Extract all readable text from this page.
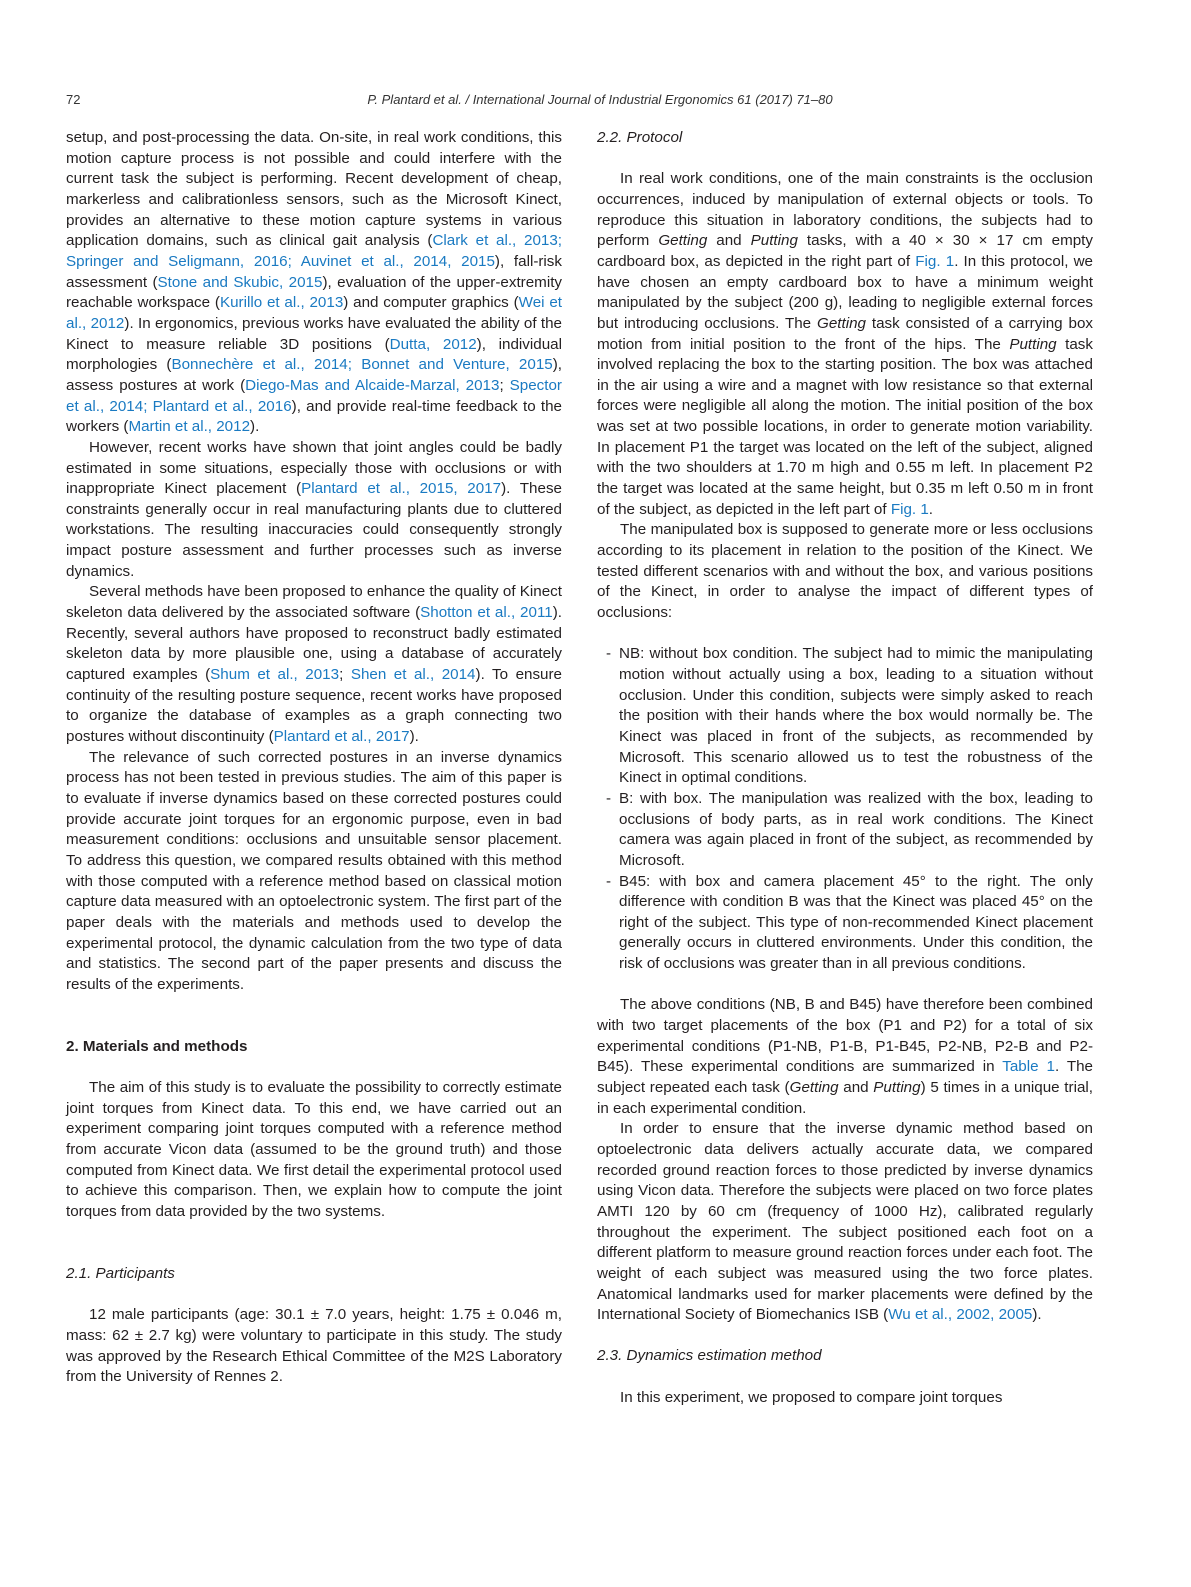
72	P. Plantard et al. / International Journal of Industrial Ergonomics 61 (2017) 71–80

setup, and post-processing the data. On-site, in real work conditions, this motion capture process is not possible and could interfere with the current task the subject is performing. Recent development of cheap, markerless and calibrationless sensors, such as the Microsoft Kinect, provides an alternative to these motion capture systems in various application domains, such as clinical gait analysis (Clark et al., 2013; Springer and Seligmann, 2016; Auvinet et al., 2014, 2015), fall-risk assessment (Stone and Skubic, 2015), evaluation of the upper-extremity reachable workspace (Kurillo et al., 2013) and computer graphics (Wei et al., 2012). In ergonomics, previous works have evaluated the ability of the Kinect to measure reliable 3D positions (Dutta, 2012), individual morphologies (Bonnechère et al., 2014; Bonnet and Venture, 2015), assess postures at work (Diego-Mas and Alcaide-Marzal, 2013; Spector et al., 2014; Plantard et al., 2016), and provide real-time feedback to the workers (Martin et al., 2012).

However, recent works have shown that joint angles could be badly estimated in some situations, especially those with occlusions or with inappropriate Kinect placement (Plantard et al., 2015, 2017). These constraints generally occur in real manufacturing plants due to cluttered workstations. The resulting inaccuracies could consequently strongly impact posture assessment and further processes such as inverse dynamics.

Several methods have been proposed to enhance the quality of Kinect skeleton data delivered by the associated software (Shotton et al., 2011). Recently, several authors have proposed to reconstruct badly estimated skeleton data by more plausible one, using a database of accurately captured examples (Shum et al., 2013; Shen et al., 2014). To ensure continuity of the resulting posture sequence, recent works have proposed to organize the database of examples as a graph connecting two postures without discontinuity (Plantard et al., 2017).

The relevance of such corrected postures in an inverse dynamics process has not been tested in previous studies. The aim of this paper is to evaluate if inverse dynamics based on these corrected postures could provide accurate joint torques for an ergonomic purpose, even in bad measurement conditions: occlusions and unsuitable sensor placement. To address this question, we compared results obtained with this method with those computed with a reference method based on classical motion capture data measured with an optoelectronic system. The first part of the paper deals with the materials and methods used to develop the experimental protocol, the dynamic calculation from the two type of data and statistics. The second part of the paper presents and discuss the results of the experiments.

2. Materials and methods

The aim of this study is to evaluate the possibility to correctly estimate joint torques from Kinect data. To this end, we have carried out an experiment comparing joint torques computed with a reference method from accurate Vicon data (assumed to be the ground truth) and those computed from Kinect data. We first detail the experimental protocol used to achieve this comparison. Then, we explain how to compute the joint torques from data provided by the two systems.

2.1. Participants

12 male participants (age: 30.1 ± 7.0 years, height: 1.75 ± 0.046 m, mass: 62 ± 2.7 kg) were voluntary to participate in this study. The study was approved by the Research Ethical Committee of the M2S Laboratory from the University of Rennes 2.

2.2. Protocol

In real work conditions, one of the main constraints is the occlusion occurrences, induced by manipulation of external objects or tools. To reproduce this situation in laboratory conditions, the subjects had to perform Getting and Putting tasks, with a 40 × 30 × 17 cm empty cardboard box, as depicted in the right part of Fig. 1. In this protocol, we have chosen an empty cardboard box to have a minimum weight manipulated by the subject (200 g), leading to negligible external forces but introducing occlusions. The Getting task consisted of a carrying box motion from initial position to the front of the hips. The Putting task involved replacing the box to the starting position. The box was attached in the air using a wire and a magnet with low resistance so that external forces were negligible all along the motion. The initial position of the box was set at two possible locations, in order to generate motion variability. In placement P1 the target was located on the left of the subject, aligned with the two shoulders at 1.70 m high and 0.55 m left. In placement P2 the target was located at the same height, but 0.35 m left 0.50 m in front of the subject, as depicted in the left part of Fig. 1.

The manipulated box is supposed to generate more or less occlusions according to its placement in relation to the position of the Kinect. We tested different scenarios with and without the box, and various positions of the Kinect, in order to analyse the impact of different types of occlusions:

- NB: without box condition. The subject had to mimic the manipulating motion without actually using a box, leading to a situation without occlusion. Under this condition, subjects were simply asked to reach the position with their hands where the box would normally be. The Kinect was placed in front of the subjects, as recommended by Microsoft. This scenario allowed us to test the robustness of the Kinect in optimal conditions.
- B: with box. The manipulation was realized with the box, leading to occlusions of body parts, as in real work conditions. The Kinect camera was again placed in front of the subject, as recommended by Microsoft.
- B45: with box and camera placement 45° to the right. The only difference with condition B was that the Kinect was placed 45° on the right of the subject. This type of non-recommended Kinect placement generally occurs in cluttered environments. Under this condition, the risk of occlusions was greater than in all previous conditions.

The above conditions (NB, B and B45) have therefore been combined with two target placements of the box (P1 and P2) for a total of six experimental conditions (P1-NB, P1-B, P1-B45, P2-NB, P2-B and P2-B45). These experimental conditions are summarized in Table 1. The subject repeated each task (Getting and Putting) 5 times in a unique trial, in each experimental condition.

In order to ensure that the inverse dynamic method based on optoelectronic data delivers actually accurate data, we compared recorded ground reaction forces to those predicted by inverse dynamics using Vicon data. Therefore the subjects were placed on two force plates AMTI 120 by 60 cm (frequency of 1000 Hz), calibrated regularly throughout the experiment. The subject positioned each foot on a different platform to measure ground reaction forces under each foot. The weight of each subject was measured using the two force plates. Anatomical landmarks used for marker placements were defined by the International Society of Biomechanics ISB (Wu et al., 2002, 2005).

2.3. Dynamics estimation method

In this experiment, we proposed to compare joint torques
